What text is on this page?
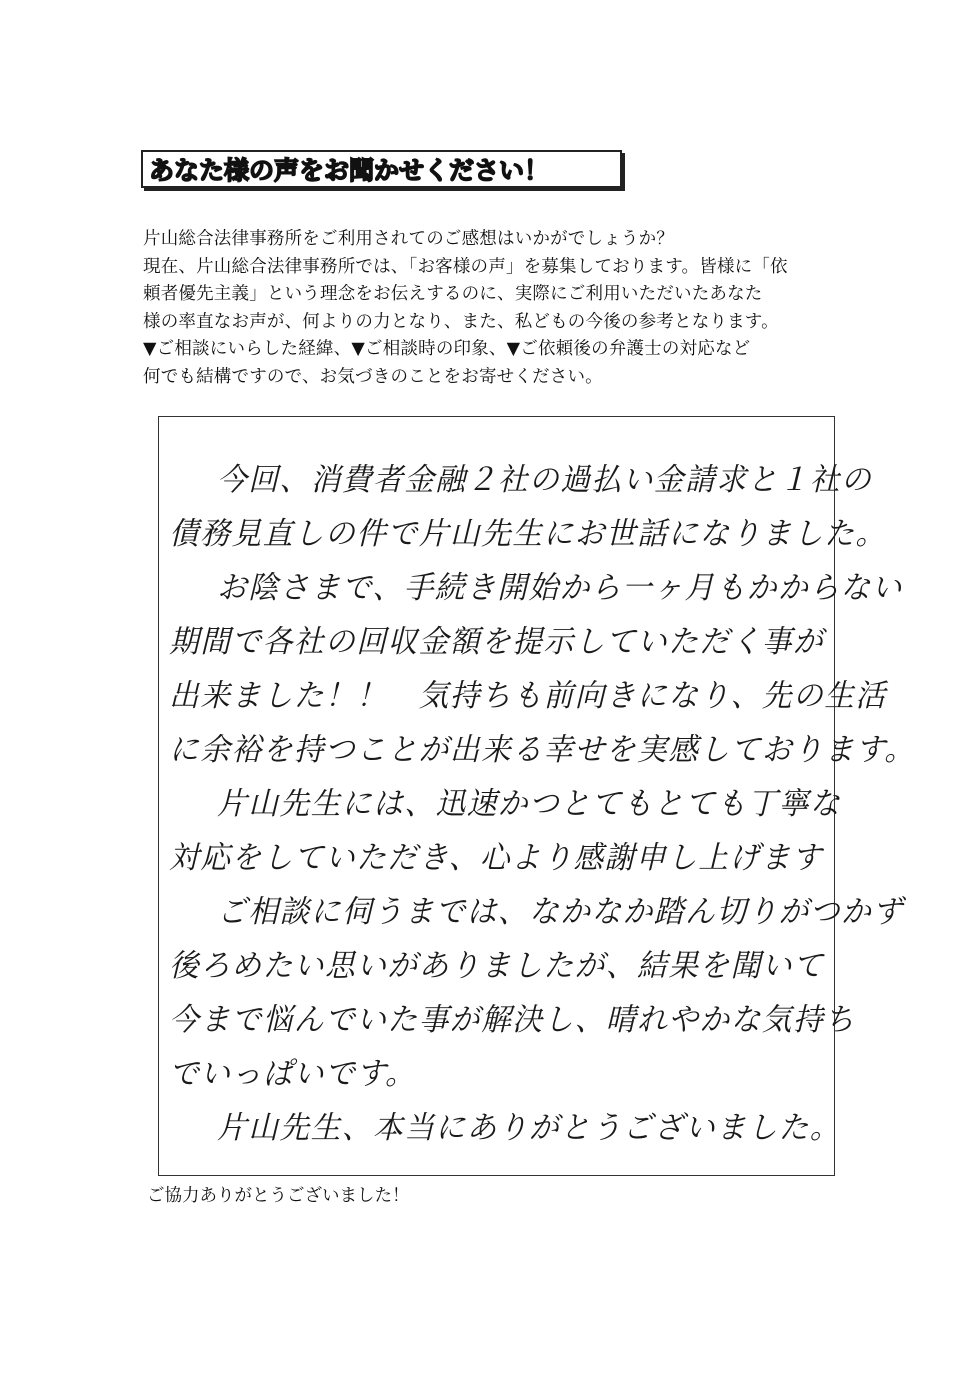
あなた様の声をお聞かせください！
片山総合法律事務所をご利用されてのご感想はいかがでしょうか？
現在、片山総合法律事務所では、「お客様の声」を募集しております。皆様に「依
頼者優先主義」という理念をお伝えするのに、実際にご利用いただいたあなた
様の率直なお声が、何よりの力となり、また、私どもの今後の参考となります。
▼ご相談にいらした経緯、▼ご相談時の印象、▼ご依頼後の弁護士の対応など
何でも結構ですので、お気づきのことをお寄せください。
今回、消費者金融２社の過払い金請求と１社の
債務見直しの件で片山先生にお世話になりました。
お陰さまで、手続き開始から一ヶ月もかからない
期間で各社の回収金額を提示していただく事が
出来ました！！　気持ちも前向きになり、先の生活
に余裕を持つことが出来る幸せを実感しております。
片山先生には、迅速かつとてもとても丁寧な
対応をしていただき、心より感謝申し上げます
ご相談に伺うまでは、なかなか踏ん切りがつかず
後ろめたい思いがありましたが、結果を聞いて
今まで悩んでいた事が解決し、晴れやかな気持ち
でいっぱいです。
片山先生、本当にありがとうございました。
ご協力ありがとうございました！
